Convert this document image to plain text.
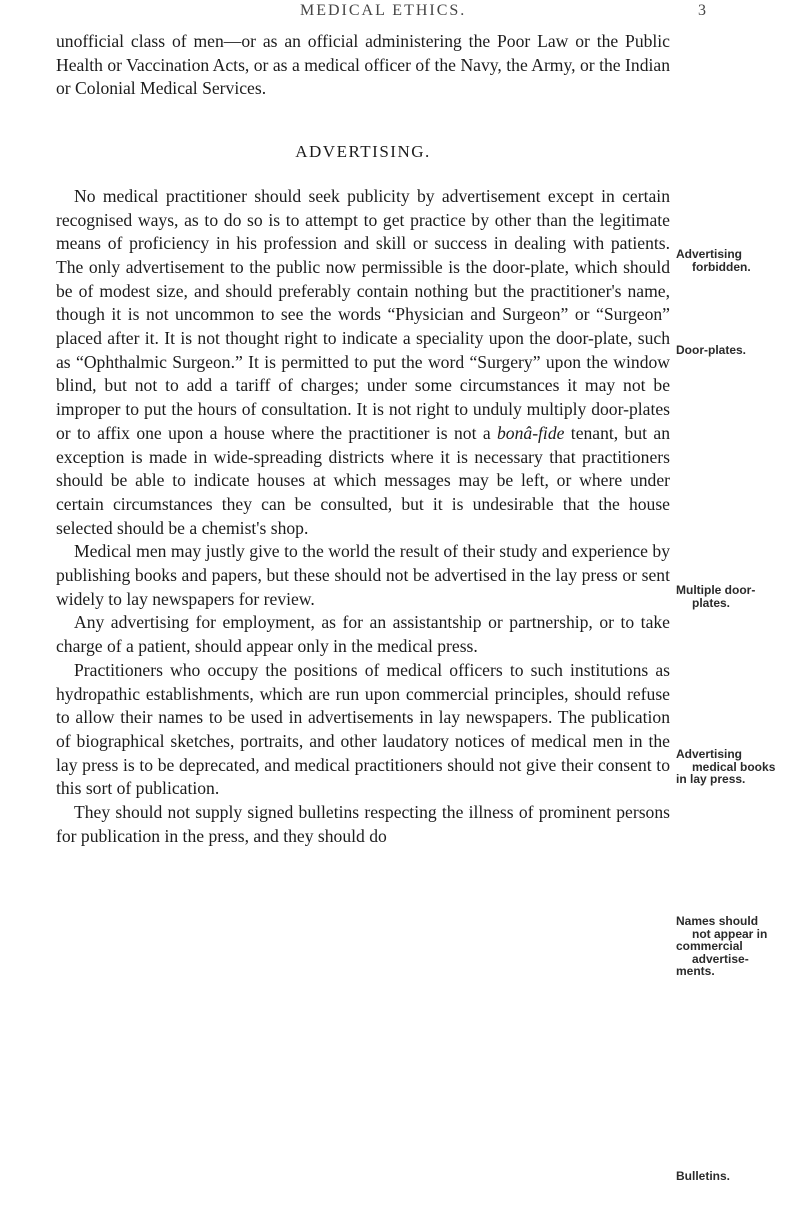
MEDICAL ETHICS.	3

unofficial class of men—or as an official administering the Poor Law or the Public Health or Vaccination Acts, or as a medical officer of the Navy, the Army, or the Indian or Colonial Medical Services.

ADVERTISING.

No medical practitioner should seek publicity by advertisement except in certain recognised ways, as to do so is to attempt to get practice by other than the legitimate means of proficiency in his profession and skill or success in dealing with patients. The only advertisement to the public now permissible is the door-plate, which should be of modest size, and should preferably contain nothing but the practitioner's name, though it is not uncommon to see the words “Physician and Surgeon” or “Surgeon” placed after it. It is not thought right to indicate a speciality upon the door-plate, such as “Ophthalmic Surgeon.” It is permitted to put the word “Surgery” upon the window blind, but not to add a tariff of charges; under some circumstances it may not be improper to put the hours of consultation. It is not right to unduly multiply door-plates or to affix one upon a house where the practitioner is not a bonâ-fide tenant, but an exception is made in wide-spreading districts where it is necessary that practitioners should be able to indicate houses at which messages may be left, or where under certain circumstances they can be consulted, but it is undesirable that the house selected should be a chemist's shop.

Medical men may justly give to the world the result of their study and experience by publishing books and papers, but these should not be advertised in the lay press or sent widely to lay newspapers for review.

Any advertising for employment, as for an assistantship or partnership, or to take charge of a patient, should appear only in the medical press.

Practitioners who occupy the positions of medical officers to such institutions as hydropathic establishments, which are run upon commercial principles, should refuse to allow their names to be used in advertisements in lay newspapers. The publication of biographical sketches, portraits, and other laudatory notices of medical men in the lay press is to be deprecated, and medical practitioners should not give their consent to this sort of publication.

They should not supply signed bulletins respecting the illness of prominent persons for publication in the press, and they should do

Advertising

forbidden.
Door-plates.
Multiple door-

plates.
Advertising

medical books
in lay press.
Names should

not appear in
commercial

advertise-
ments.
Bulletins.
